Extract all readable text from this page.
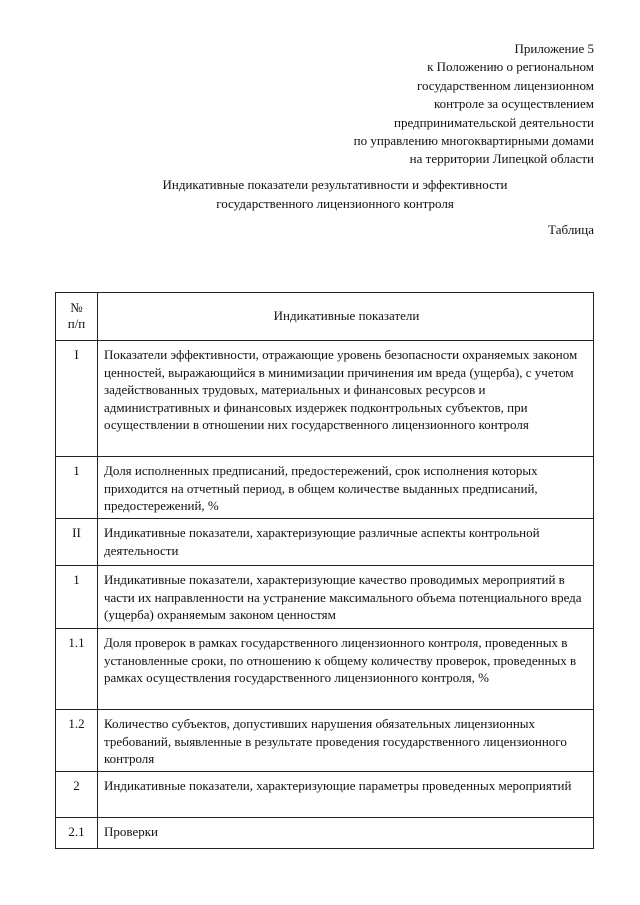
Приложение 5
к Положению о региональном
государственном лицензионном
контроле за осуществлением
предпринимательской деятельности
по управлению многоквартирными домами
на территории Липецкой области
Индикативные показатели результативности и эффективности
государственного лицензионного контроля
Таблица
№
п/п	Индикативные показатели
I	Показатели эффективности, отражающие уровень безопасности охраняемых законом ценностей, выражающийся в минимизации причинения им вреда (ущерба), с учетом задействованных трудовых, материальных и финансовых ресурсов и административных и финансовых издержек подконтрольных субъектов, при осуществлении в отношении них государственного лицензионного контроля
1	Доля исполненных предписаний, предостережений, срок исполнения которых приходится на отчетный период, в общем количестве выданных предписаний, предостережений, %
II	Индикативные показатели, характеризующие различные аспекты контрольной деятельности
1	Индикативные показатели, характеризующие качество проводимых мероприятий в части их направленности на устранение максимального объема потенциального вреда (ущерба) охраняемым законом ценностям
1.1	Доля проверок в рамках государственного лицензионного контроля, проведенных в установленные сроки, по отношению к общему количеству проверок, проведенных в рамках осуществления государственного лицензионного контроля, %
1.2	Количество субъектов, допустивших нарушения обязательных лицензионных требований, выявленные в результате проведения государственного лицензионного контроля
2	Индикативные показатели, характеризующие параметры проведенных мероприятий
2.1	Проверки
